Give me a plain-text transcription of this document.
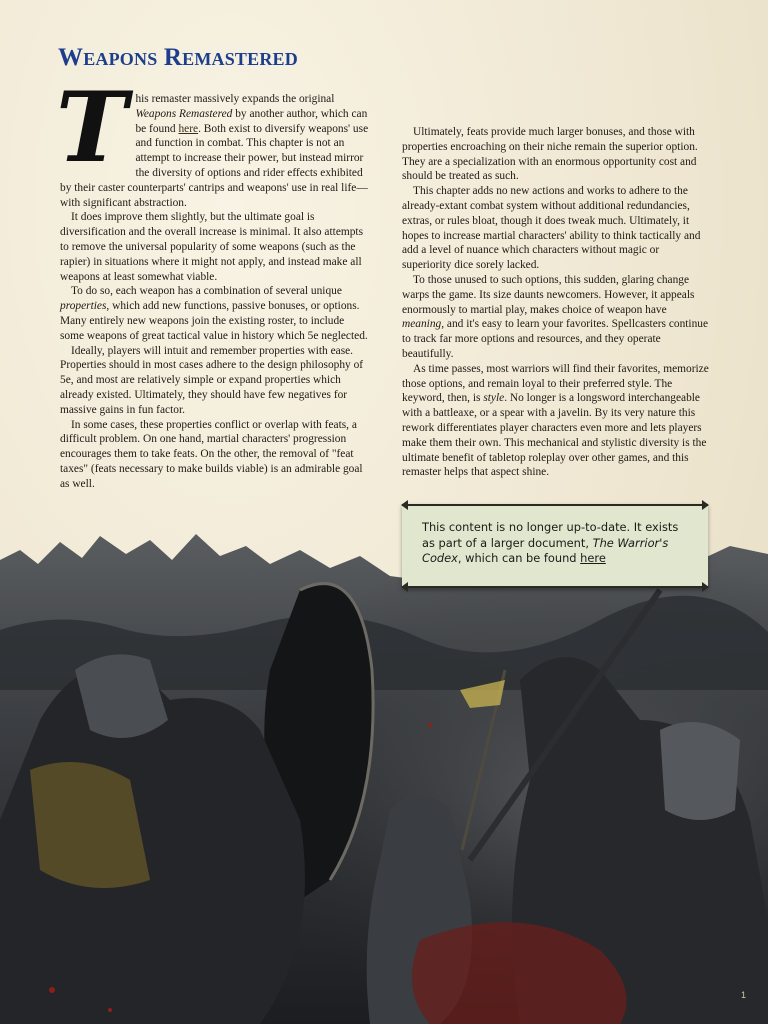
Weapons Remastered
T his remaster massively expands the original Weapons Remastered by another author, which can be found here. Both exist to diversify weapons' use and function in combat. This chapter is not an attempt to increase their power, but instead mirror the diversity of options and rider effects exhibited by their caster counterparts' cantrips and weapons' use in real life—with significant abstraction.

It does improve them slightly, but the ultimate goal is diversification and the overall increase is minimal. It also attempts to remove the universal popularity of some weapons (such as the rapier) in situations where it might not apply, and instead make all weapons at least somewhat viable.

To do so, each weapon has a combination of several unique properties, which add new functions, passive bonuses, or options. Many entirely new weapons join the existing roster, to include some weapons of great tactical value in history which 5e neglected.

Ideally, players will intuit and remember properties with ease. Properties should in most cases adhere to the design philosophy of 5e, and most are relatively simple or expand properties which already existed. Ultimately, they should have few negatives for massive gains in fun factor.

In some cases, these properties conflict or overlap with feats, a difficult problem. On one hand, martial characters' progression encourages them to take feats. On the other, the removal of "feat taxes" (feats necessary to make builds viable) is an admirable goal as well.

Ultimately, feats provide much larger bonuses, and those with properties encroaching on their niche remain the superior option. They are a specialization with an enormous opportunity cost and should be treated as such.

This chapter adds no new actions and works to adhere to the already-extant combat system without additional redundancies, extras, or rules bloat, though it does tweak much. Ultimately, it hopes to increase martial characters' ability to think tactically and add a level of nuance which characters without magic or superiority dice sorely lacked.

To those unused to such options, this sudden, glaring change warps the game. Its size daunts newcomers. However, it appeals enormously to martial play, makes choice of weapon have meaning, and it's easy to learn your favorites. Spellcasters continue to track far more options and resources, and they operate beautifully.

As time passes, most warriors will find their favorites, memorize those options, and remain loyal to their preferred style. The keyword, then, is style. No longer is a longsword interchangeable with a battleaxe, or a spear with a javelin. By its very nature this rework differentiates player characters even more and lets players make them their own. This mechanical and stylistic diversity is the ultimate benefit of tabletop roleplay over other games, and this remaster helps that aspect shine.

This content is no longer up-to-date. It exists as part of a larger document, The Warrior's Codex, which can be found here
1
